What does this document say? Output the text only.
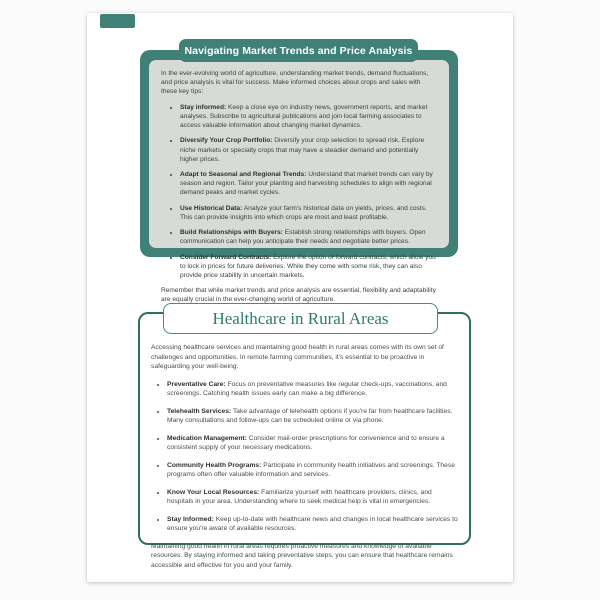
Navigating Market Trends and Price Analysis
In the ever-evolving world of agriculture, understanding market trends, demand fluctuations, and price analysis is vital for success. Make informed choices about crops and sales with these key tips:
• Stay informed: Keep a close eye on industry news, government reports, and market analyses. Subscribe to agricultural publications and join local farming associates to access valuable information about changing market dynamics.
• Diversify Your Crop Portfolio: Diversify your crop selection to spread risk. Explore niche markets or specialty crops that may have a steadier demand and potentially higher prices.
• Adapt to Seasonal and Regional Trends: Understand that market trends can vary by season and region. Tailor your planting and harvesting schedules to align with regional demand peaks and market cycles.
• Use Historical Data: Analyze your farm's historical data on yields, prices, and costs. This can provide insights into which crops are most and least profitable.
• Build Relationships with Buyers: Establish strong relationships with buyers. Open communication can help you anticipate their needs and negotiate better prices.
• Consider Forward Contracts: Explore the option of forward contracts, which allow you to lock in prices for future deliveries. While they come with some risk, they can also provide price stability in uncertain markets.
Remember that while market trends and price analysis are essential, flexibility and adaptability are equally crucial in the ever-changing world of agriculture.
Accessing healthcare services and maintaining good health in rural areas comes with its own set of challenges and opportunities. In remote farming communities, it's essential to be proactive in safeguarding your well-being.
• Preventative Care: Focus on preventative measures like regular check-ups, vaccinations, and screenings. Catching health issues early can make a big difference.
• Telehealth Services: Take advantage of telehealth options if you're far from healthcare facilities. Many consultations and follow-ups can be scheduled online or via phone.
• Medication Management: Consider mail-order prescriptions for convenience and to ensure a consistent supply of your necessary medications.
• Community Health Programs: Participate in community health initiatives and screenings. These programs often offer valuable information and services.
• Know Your Local Resources: Familiarize yourself with healthcare providers, clinics, and hospitals in your area. Understanding where to seek medical help is vital in emergencies.
• Stay Informed: Keep up-to-date with healthcare news and changes in local healthcare services to ensure you're aware of available resources.
Maintaining good health in rural areas requires proactive measures and knowledge of available resources. By staying informed and taking preventative steps, you can ensure that healthcare remains accessible and effective for you and your family.
Healthcare in Rural Areas
